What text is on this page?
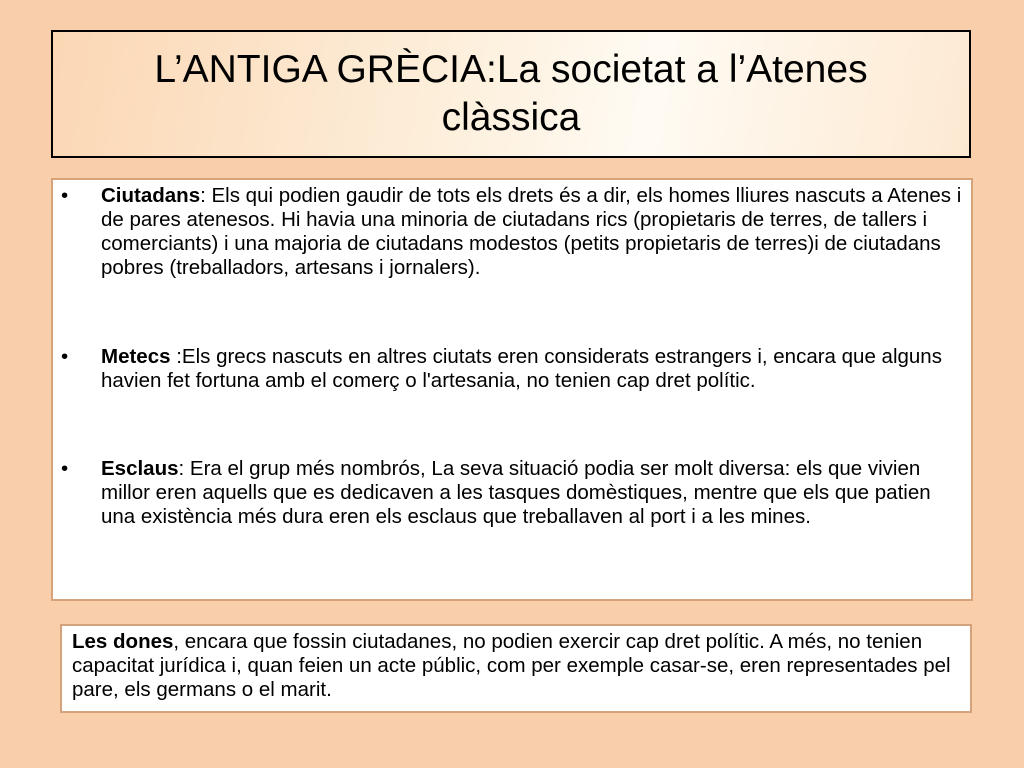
L’ANTIGA GRÈCIA:La societat a l’Atenes clàssica
• Ciutadans: Els qui podien gaudir de tots els drets és a dir, els homes lliures nascuts a Atenes i de pares atenesos. Hi havia una minoria de ciutadans rics (propietaris de terres, de tallers i comerciants) i una majoria de ciutadans modestos (petits propietaris de terres)i de ciutadans pobres (treballadors, artesans i jornalers).
• Metecs :Els grecs nascuts en altres ciutats eren considerats estrangers i, encara que alguns havien fet fortuna amb el comerç o l'artesania, no tenien cap dret polític.
• Esclaus: Era el grup més nombrós, La seva situació podia ser molt diversa: els que vivien millor eren aquells que es dedicaven a les tasques domèstiques, mentre que els que patien una existència més dura eren els esclaus que treballaven al port i a les mines.
Les dones, encara que fossin ciutadanes, no podien exercir cap dret polític. A més, no tenien capacitat jurídica i, quan feien un acte públic, com per exemple casar-se, eren representades pel pare, els germans o el marit.
